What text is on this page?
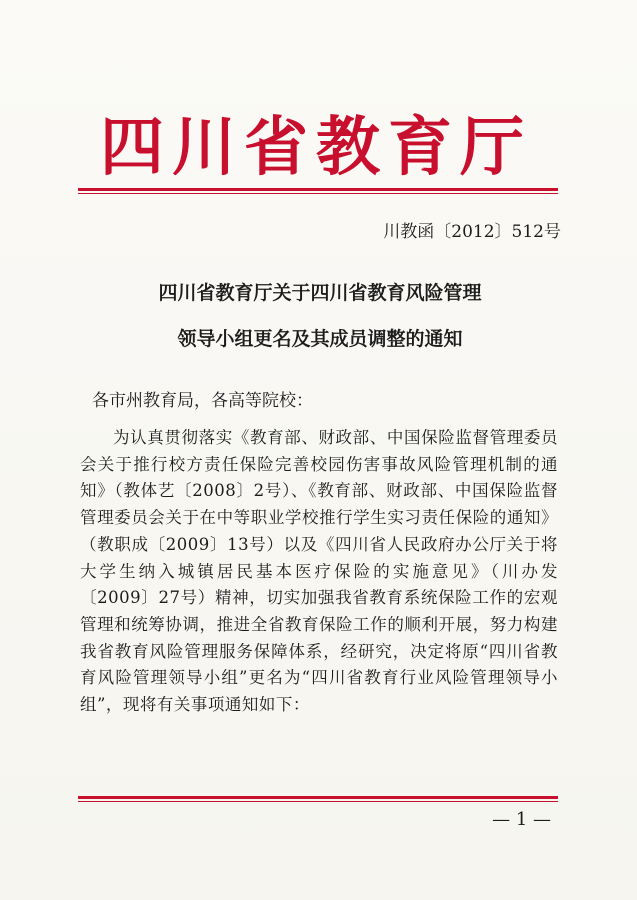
四川省教育厅
川教函〔2012〕512号
四川省教育厅关于四川省教育风险管理
领导小组更名及其成员调整的通知
各市州教育局，各高等院校：
为认真贯彻落实《教育部、财政部、中国保险监督管理委员会关于推行校方责任保险完善校园伤害事故风险管理机制的通知》（教体艺〔2008〕2号）、《教育部、财政部、中国保险监督管理委员会关于在中等职业学校推行学生实习责任保险的通知》（教职成〔2009〕13号）以及《四川省人民政府办公厅关于将大学生纳入城镇居民基本医疗保险的实施意见》（川办发〔2009〕27号）精神，切实加强我省教育系统保险工作的宏观管理和统筹协调，推进全省教育保险工作的顺利开展，努力构建我省教育风险管理服务保障体系，经研究，决定将原“四川省教育风险管理领导小组”更名为“四川省教育行业风险管理领导小组”，现将有关事项通知如下：
— 1 —
